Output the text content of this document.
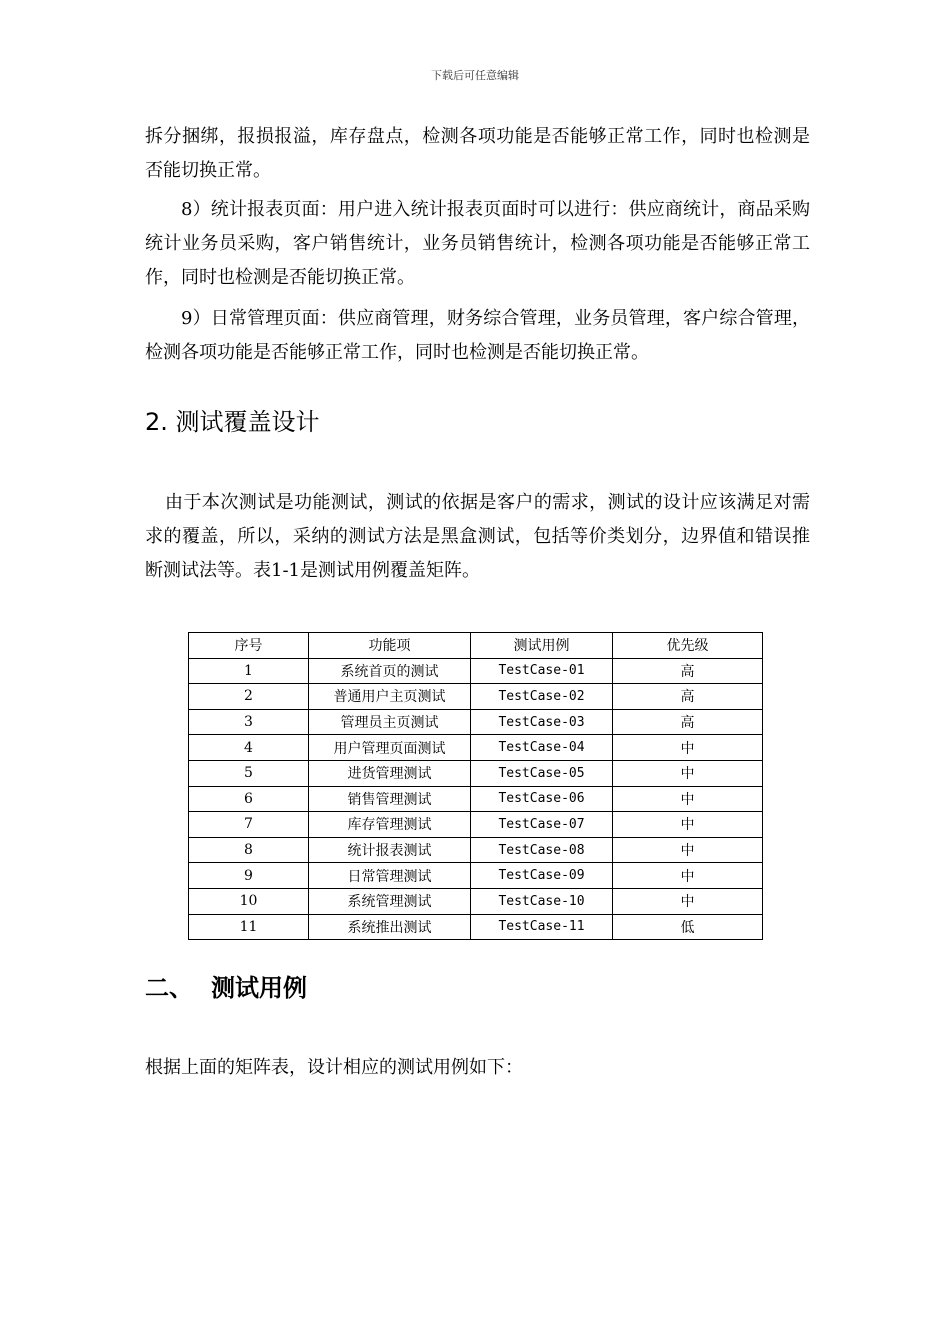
下载后可任意编辑

拆分捆绑，报损报溢，库存盘点，检测各项功能是否能够正常工作，同时也检测是否能切换正常。

8）统计报表页面：用户进入统计报表页面时可以进行：供应商统计，商品采购统计业务员采购，客户销售统计，业务员销售统计，检测各项功能是否能够正常工作，同时也检测是否能切换正常。

9）日常管理页面：供应商管理，财务综合管理，业务员管理，客户综合管理，检测各项功能是否能够正常工作，同时也检测是否能切换正常。

2. 测试覆盖设计

由于本次测试是功能测试，测试的依据是客户的需求，测试的设计应该满足对需求的覆盖，所以，采纳的测试方法是黑盒测试，包括等价类划分，边界值和错误推断测试法等。表1-1是测试用例覆盖矩阵。

序号	功能项	测试用例	优先级
1	系统首页的测试	TestCase-01	高
2	普通用户主页测试	TestCase-02	高
3	管理员主页测试	TestCase-03	高
4	用户管理页面测试	TestCase-04	中
5	进货管理测试	TestCase-05	中
6	销售管理测试	TestCase-06	中
7	库存管理测试	TestCase-07	中
8	统计报表测试	TestCase-08	中
9	日常管理测试	TestCase-09	中
10	系统管理测试	TestCase-10	中
11	系统推出测试	TestCase-11	低
二、 测试用例

根据上面的矩阵表，设计相应的测试用例如下：
